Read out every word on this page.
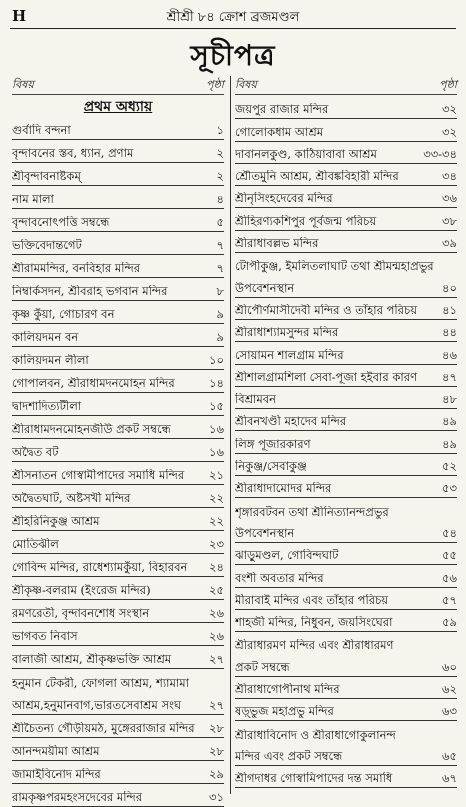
H	শ্রীশ্রী ৮৪ ক্রোশ ব্রজমণ্ডল
সূচীপত্র
বিষয়	পৃষ্ঠা
প্রথম অধ্যায়
গুর্বাদি বন্দনা	১
বৃন্দাবনের স্তব, ধ্যান, প্রণাম	২
শ্রীবৃন্দাবনাষ্টকম্	২
নাম মালা	৪
বৃন্দাবনোৎপত্তি সম্বন্ধে	৫
ভক্তিবেদান্তগেট	৭
শ্রীরামমন্দির, বনবিহার মন্দির	৭
নিম্বার্কসদন, শ্রীবরাহ ভগবান মন্দির	৮
কৃষ্ণ কুঁয়া, গোচারণ বন	৯
কালিয়দমন বন	৯
কালিয়দমন লীলা	১০
গোপালবন, শ্রীরাধামদনমোহন মন্দির	১৪
দ্বাদশাদিত্যটীলা	১৫
শ্রীরাধামদনমোহনজীউ প্রকট সম্বন্ধে	১৬
অদ্বৈত বট	১৬
শ্রীসনাতন গোস্বামীপাদের সমাধি মন্দির	২১
অদ্বৈতঘাট, অষ্টসখী মন্দির	২২
শ্রীহরিনিকুঞ্জ আশ্রম	২২
মোতিঝীল	২৩
গোবিন্দ মন্দির, রাধেশ্যামকুঁয়া, বিহারবন	২৪
শ্রীকৃষ্ণ-বলরাম (ইংরেজ মন্দির)	২৫
রমণরেতী, বৃন্দাবনশোধ সংস্থান	২৬
ভাগবত নিবাস	২৬
বালাজী আশ্রম, শ্রীকৃষ্ণভক্তি আশ্রম	২৭
হনুমান টেকরী, ফোগলা আশ্রম, শ্যামামা
আশ্রম,হনুমানবাগ,ভারতসেবাশ্রম সংঘ	২৭
শ্রীচৈতন্য গৌড়ীয়মঠ, মুঙ্গেররাজার মন্দির	২৮
আনন্দময়ীমা আশ্রম	২৮
জামাইবিনোদ মন্দির	২৯
রামকৃষ্ণপরমহংসদেবের মন্দির	৩১
বিষয়	পৃষ্ঠা
জয়পুর রাজার মন্দির	৩২
গোলোকধাম আশ্রম	৩২
দাবানলকুণ্ড, কাঠিয়াবাবা আশ্রম	৩৩-৩৪
শ্রৌতমুনি আশ্রম, শ্রীবঙ্কবিহারী মন্দির	৩৪
শ্রীনৃসিংহদেবের মন্দির	৩৬
শ্রীহিরণ্যকশিপুর পূর্বজন্ম পরিচয়	৩৮
শ্রীরাধাবল্লভ মন্দির	৩৯
টোপীকুঞ্জ, ইমলিতলাঘাট তথা শ্রীমন্মহাপ্রভুর
উপবেশনস্থান	৪০
শ্রীপৌর্ণমাসীদেবী মন্দির ও তাঁহার পরিচয়	৪১
শ্রীরাধাশ্যামসুন্দর মন্দির	৪৪
সোয়ামন শালগ্রাম মন্দির	৪৬
শ্রীশালগ্রামশিলা সেবা-পূজা হইবার কারণ	৪৭
বিশ্রামবন	৪৮
শ্রীবনখণ্ডী মহাদেব মন্দির	৪৯
লিঙ্গ পূজারকারণ	৪৯
নিকুঞ্জ/সেবাকুঞ্জ	৫২
শ্রীরাধাদামোদর মন্দির	৫৩
শৃঙ্গারবটবন তথা শ্রীনিত্যানন্দপ্রভুর
উপবেশনস্থান	৫৪
ঝাড়ুমণ্ডল, গোবিন্দঘাট	৫৫
বংশী অবতার মন্দির	৫৬
মীরাবাই মন্দির এবং তাঁহার পরিচয়	৫৭
শাহজী মন্দির, নিধুবন, জয়সিংঘেরা	৫৯
শ্রীরাধারমণ মন্দির এবং শ্রীরাধারমণ
প্রকট সম্বন্ধে	৬০
শ্রীরাধাগোপীনাথ মন্দির	৬২
ষড়্ভুজ মহাপ্রভু মন্দির	৬৩
শ্রীরাধাবিনোদ ও শ্রীরাধাগোকুলানন্দ
মন্দির এবং প্রকট সম্বন্ধে	৬৫
শ্রীগদাধর গোস্বামিপাদের দন্ত সমাধি	৬৭
